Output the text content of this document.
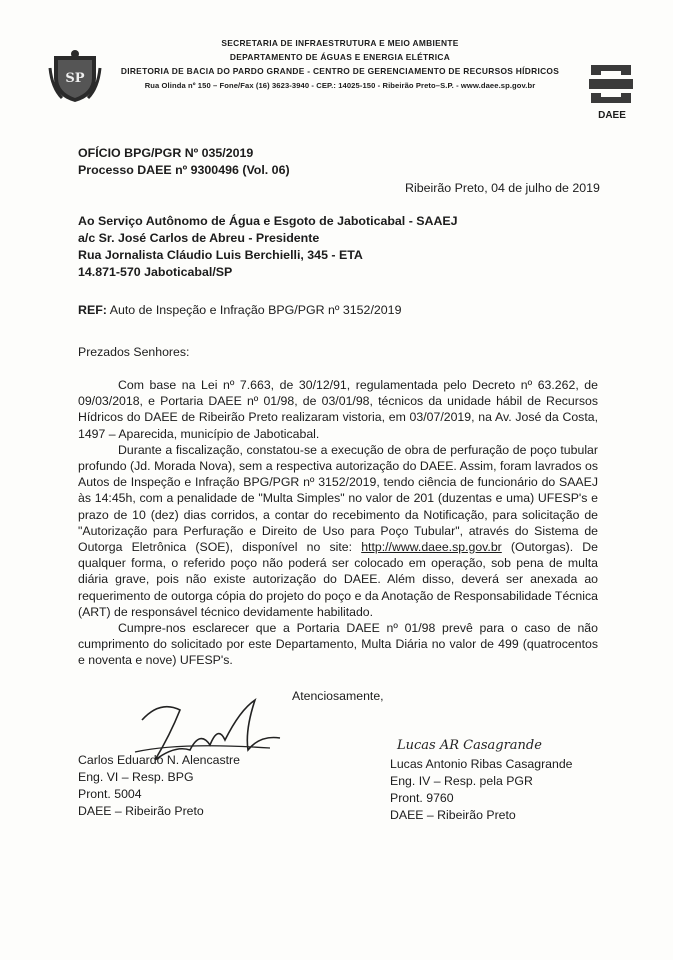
SP
SECRETARIA DE INFRAESTRUTURA E MEIO AMBIENTE
DEPARTAMENTO DE ÁGUAS E ENERGIA ELÉTRICA
DIRETORIA DE BACIA DO PARDO GRANDE - CENTRO DE GERENCIAMENTO DE RECURSOS HÍDRICOS
Rua Olinda nº 150 – Fone/Fax (16) 3623-3940 - CEP.: 14025-150 - Ribeirão Preto–S.P. - www.daee.sp.gov.br
DAEE
OFÍCIO BPG/PGR Nº 035/2019
Processo DAEE nº 9300496 (Vol. 06)
Ribeirão Preto, 04 de julho de 2019
Ao Serviço Autônomo de Água e Esgoto de Jaboticabal - SAAEJ
a/c Sr. José Carlos de Abreu - Presidente
Rua Jornalista Cláudio Luis Berchielli, 345 - ETA
14.871-570 Jaboticabal/SP
REF: Auto de Inspeção e Infração BPG/PGR nº 3152/2019
Prezados Senhores:

Com base na Lei nº 7.663, de 30/12/91, regulamentada pelo Decreto nº 63.262, de 09/03/2018, e Portaria DAEE nº 01/98, de 03/01/98, técnicos da unidade hábil de Recursos Hídricos do DAEE de Ribeirão Preto realizaram vistoria, em 03/07/2019, na Av. José da Costa, 1497 – Aparecida, município de Jaboticabal.

Durante a fiscalização, constatou-se a execução de obra de perfuração de poço tubular profundo (Jd. Morada Nova), sem a respectiva autorização do DAEE. Assim, foram lavrados os Autos de Inspeção e Infração BPG/PGR nº 3152/2019, tendo ciência de funcionário do SAAEJ às 14:45h, com a penalidade de "Multa Simples" no valor de 201 (duzentas e uma) UFESP's e prazo de 10 (dez) dias corridos, a contar do recebimento da Notificação, para solicitação de "Autorização para Perfuração e Direito de Uso para Poço Tubular", através do Sistema de Outorga Eletrônica (SOE), disponível no site: http://www.daee.sp.gov.br (Outorgas). De qualquer forma, o referido poço não poderá ser colocado em operação, sob pena de multa diária grave, pois não existe autorização do DAEE. Além disso, deverá ser anexada ao requerimento de outorga cópia do projeto do poço e da Anotação de Responsabilidade Técnica (ART) de responsável técnico devidamente habilitado.

Cumpre-nos esclarecer que a Portaria DAEE nº 01/98 prevê para o caso de não cumprimento do solicitado por este Departamento, Multa Diária no valor de 499 (quatrocentos e noventa e nove) UFESP's.

Atenciosamente,
Lucas AR Casagrande
Carlos Eduardo N. Alencastre
Eng. VI – Resp. BPG
Pront. 5004
DAEE – Ribeirão Preto
Lucas Antonio Ribas Casagrande
Eng. IV – Resp. pela PGR
Pront. 9760
DAEE – Ribeirão Preto
